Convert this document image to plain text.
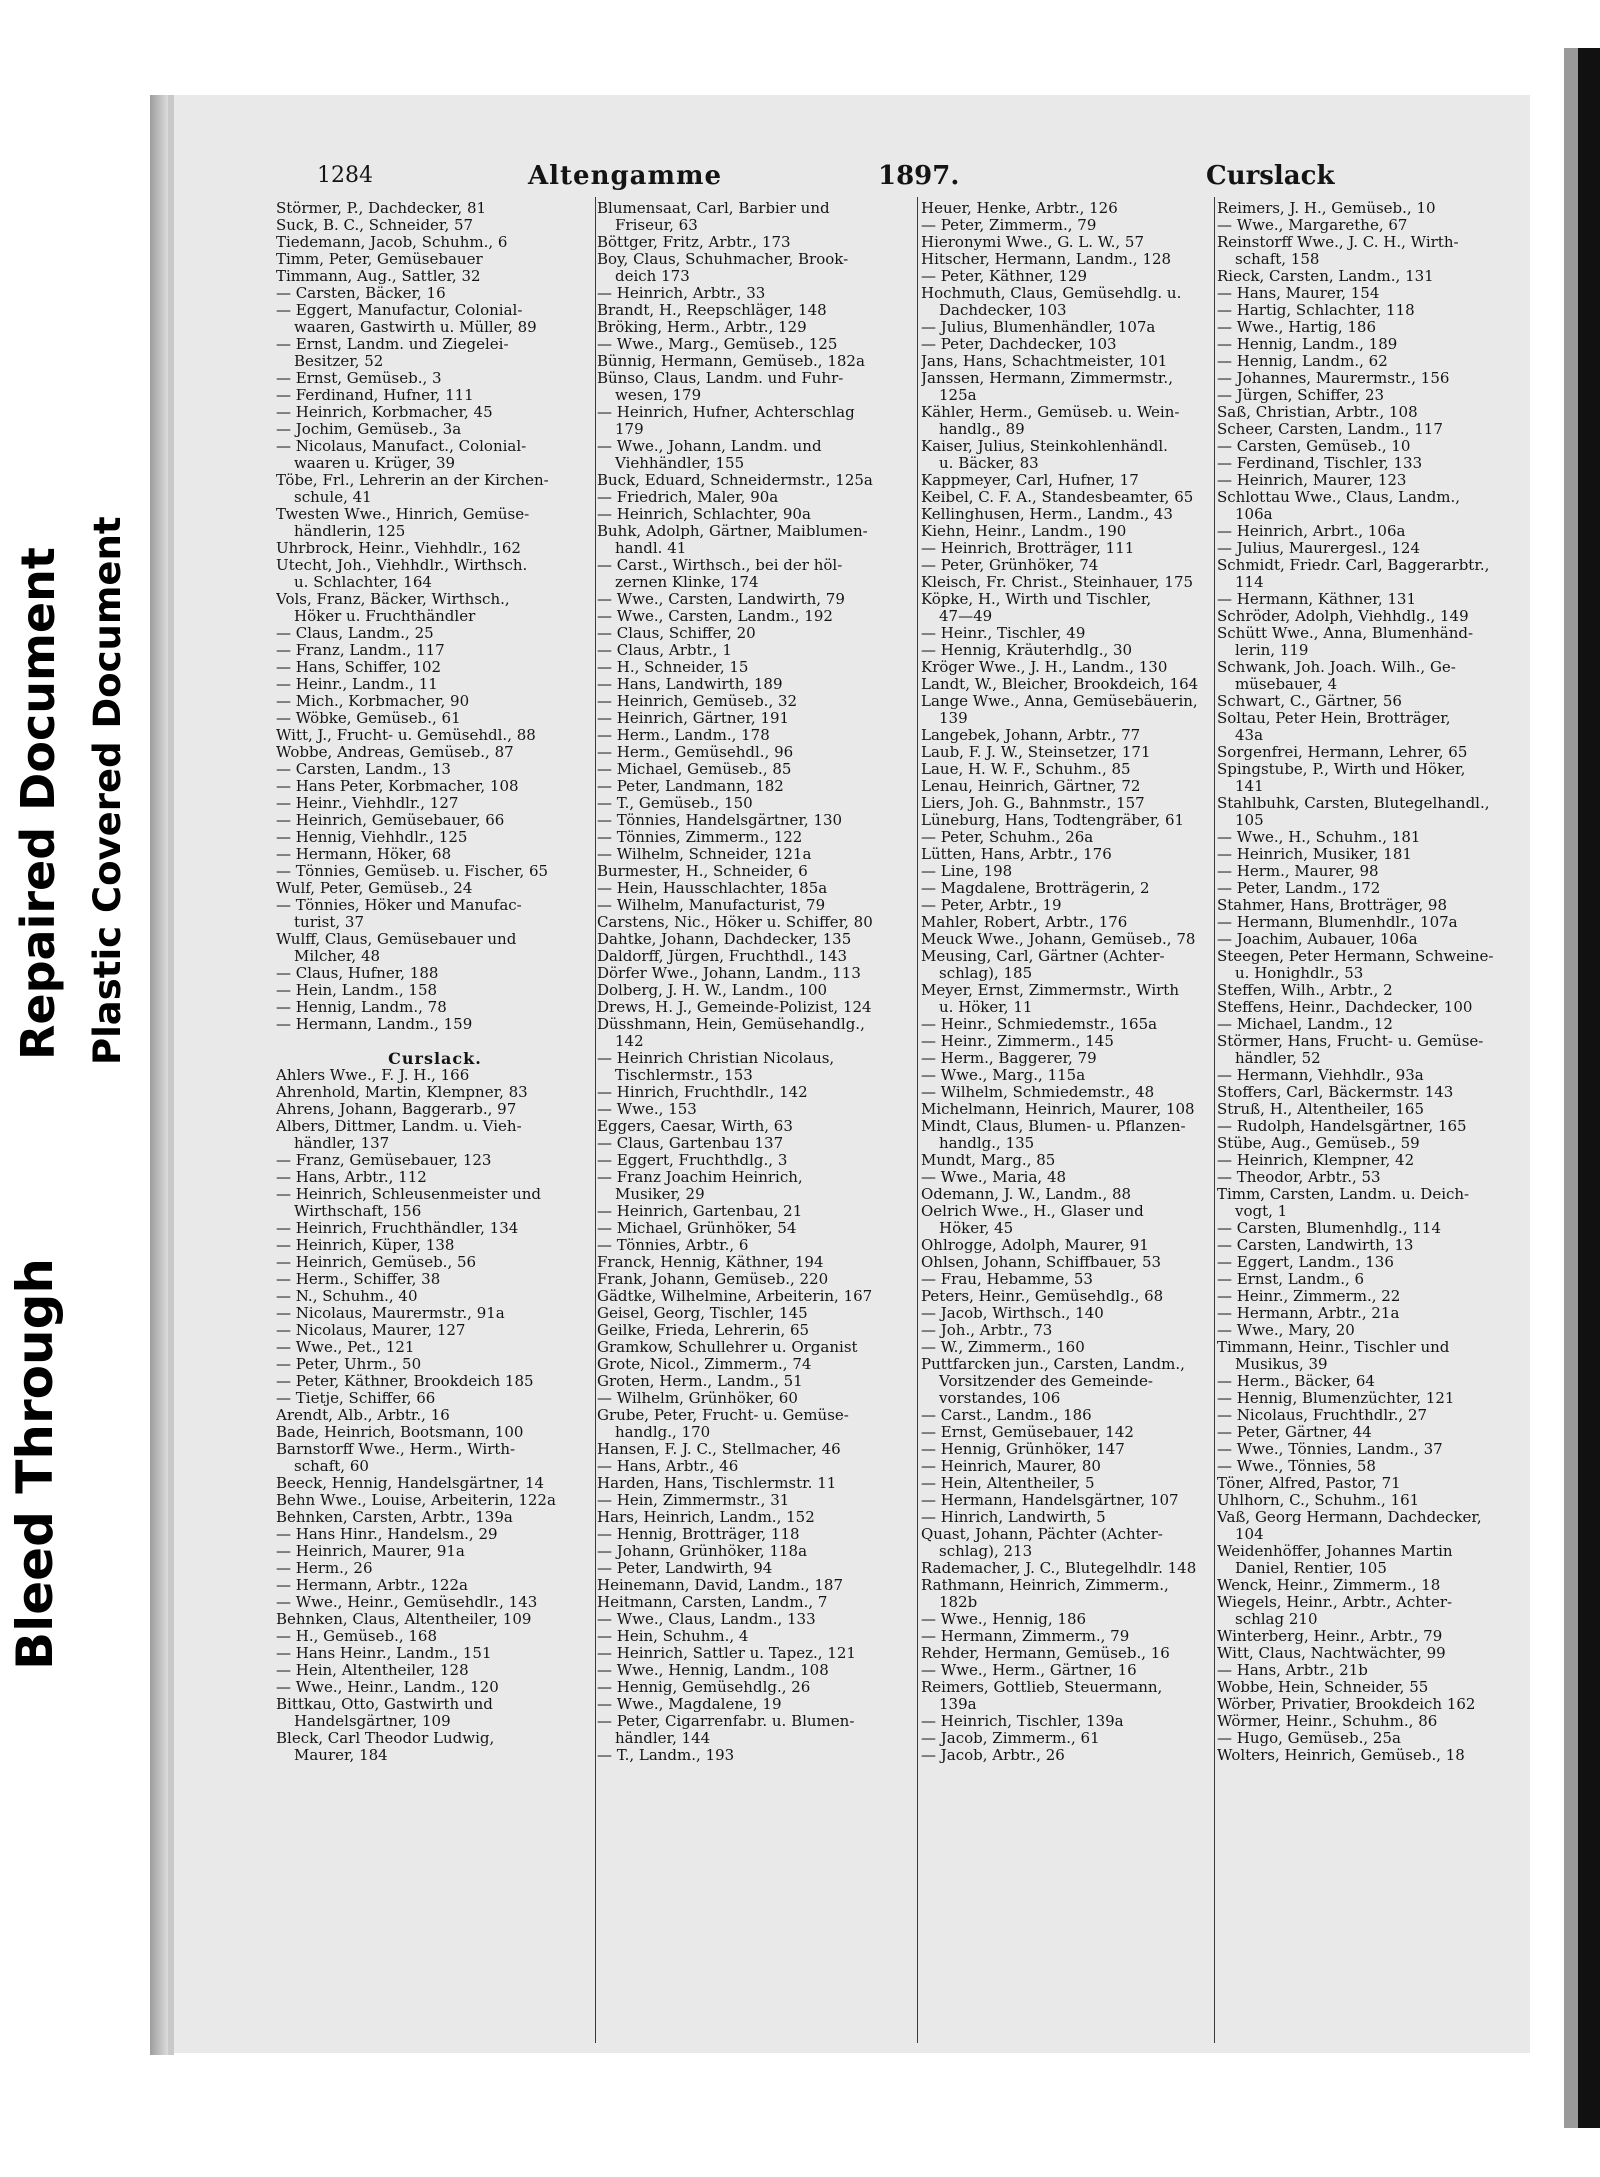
Bleed Through
Repaired Document Plastic Covered Document
1284	Altengamme	1897.	Curslack
Störmer, P., Dachdecker, 81
Suck, B. C., Schneider, 57
Tiedemann, Jacob, Schuhm., 6
Timm, Peter, Gemüsebauer
Timmann, Aug., Sattler, 32
— Carsten, Bäcker, 16
— Eggert, Manufactur, Colonial-
waaren, Gastwirth u. Müller, 89
— Ernst, Landm. und Ziegelei-
Besitzer, 52
— Ernst, Gemüseb., 3
— Ferdinand, Hufner, 111
— Heinrich, Korbmacher, 45
— Jochim, Gemüseb., 3a
— Nicolaus, Manufact., Colonial-
waaren u. Krüger, 39
Töbe, Frl., Lehrerin an der Kirchen-
schule, 41
Twesten Wwe., Hinrich, Gemüse-
händlerin, 125
Uhrbrock, Heinr., Viehhdlr., 162
Utecht, Joh., Viehhdlr., Wirthsch.
u. Schlachter, 164
Vols, Franz, Bäcker, Wirthsch.,
Höker u. Fruchthändler
— Claus, Landm., 25
— Franz, Landm., 117
— Hans, Schiffer, 102
— Heinr., Landm., 11
— Mich., Korbmacher, 90
— Wöbke, Gemüseb., 61
Witt, J., Frucht- u. Gemüsehdl., 88
Wobbe, Andreas, Gemüseb., 87
— Carsten, Landm., 13
— Hans Peter, Korbmacher, 108
— Heinr., Viehhdlr., 127
— Heinrich, Gemüsebauer, 66
— Hennig, Viehhdlr., 125
— Hermann, Höker, 68
— Tönnies, Gemüseb. u. Fischer, 65
Wulf, Peter, Gemüseb., 24
— Tönnies, Höker und Manufac-
turist, 37
Wulff, Claus, Gemüsebauer und
Milcher, 48
— Claus, Hufner, 188
— Hein, Landm., 158
— Hennig, Landm., 78
— Hermann, Landm., 159

Curslack.
Ahlers Wwe., F. J. H., 166
Ahrenhold, Martin, Klempner, 83
Ahrens, Johann, Baggerarb., 97
Albers, Dittmer, Landm. u. Vieh-
händler, 137
— Franz, Gemüsebauer, 123
— Hans, Arbtr., 112
— Heinrich, Schleusenmeister und
Wirthschaft, 156
— Heinrich, Fruchthändler, 134
— Heinrich, Küper, 138
— Heinrich, Gemüseb., 56
— Herm., Schiffer, 38
— N., Schuhm., 40
— Nicolaus, Maurermstr., 91a
— Nicolaus, Maurer, 127
— Wwe., Pet., 121
— Peter, Uhrm., 50
— Peter, Käthner, Brookdeich 185
— Tietje, Schiffer, 66
Arendt, Alb., Arbtr., 16
Bade, Heinrich, Bootsmann, 100
Barnstorff Wwe., Herm., Wirth-
schaft, 60
Beeck, Hennig, Handelsgärtner, 14
Behn Wwe., Louise, Arbeiterin, 122a
Behnken, Carsten, Arbtr., 139a
— Hans Hinr., Handelsm., 29
— Heinrich, Maurer, 91a
— Herm., 26
— Hermann, Arbtr., 122a
— Wwe., Heinr., Gemüsehdlr., 143
Behnken, Claus, Altentheiler, 109
— H., Gemüseb., 168
— Hans Heinr., Landm., 151
— Hein, Altentheiler, 128
— Wwe., Heinr., Landm., 120
Bittkau, Otto, Gastwirth und
Handelsgärtner, 109
Bleck, Carl Theodor Ludwig,
Maurer, 184
Blumensaat, Carl, Barbier und
Friseur, 63
Böttger, Fritz, Arbtr., 173
Boy, Claus, Schuhmacher, Brook-
deich 173
— Heinrich, Arbtr., 33
Brandt, H., Reepschläger, 148
Bröking, Herm., Arbtr., 129
— Wwe., Marg., Gemüseb., 125
Bünnig, Hermann, Gemüseb., 182a
Bünso, Claus, Landm. und Fuhr-
wesen, 179
— Heinrich, Hufner, Achterschlag
179
— Wwe., Johann, Landm. und
Viehhändler, 155
Buck, Eduard, Schneidermstr., 125a
— Friedrich, Maler, 90a
— Heinrich, Schlachter, 90a
Buhk, Adolph, Gärtner, Maiblumen-
handl. 41
— Carst., Wirthsch., bei der höl-
zernen Klinke, 174
— Wwe., Carsten, Landwirth, 79
— Wwe., Carsten, Landm., 192
— Claus, Schiffer, 20
— Claus, Arbtr., 1
— H., Schneider, 15
— Hans, Landwirth, 189
— Heinrich, Gemüseb., 32
— Heinrich, Gärtner, 191
— Herm., Landm., 178
— Herm., Gemüsehdl., 96
— Michael, Gemüseb., 85
— Peter, Landmann, 182
— T., Gemüseb., 150
— Tönnies, Handelsgärtner, 130
— Tönnies, Zimmerm., 122
— Wilhelm, Schneider, 121a
Burmester, H., Schneider, 6
— Hein, Hausschlachter, 185a
— Wilhelm, Manufacturist, 79
Carstens, Nic., Höker u. Schiffer, 80
Dahtke, Johann, Dachdecker, 135
Daldorff, Jürgen, Fruchthdl., 143
Dörfer Wwe., Johann, Landm., 113
Dolberg, J. H. W., Landm., 100
Drews, H. J., Gemeinde-Polizist, 124
Düsshmann, Hein, Gemüsehandlg.,
142
— Heinrich Christian Nicolaus,
Tischlermstr., 153
— Hinrich, Fruchthdlr., 142
— Wwe., 153
Eggers, Caesar, Wirth, 63
— Claus, Gartenbau 137
— Eggert, Fruchthdlg., 3
— Franz Joachim Heinrich,
Musiker, 29
— Heinrich, Gartenbau, 21
— Michael, Grünhöker, 54
— Tönnies, Arbtr., 6
Franck, Hennig, Käthner, 194
Frank, Johann, Gemüseb., 220
Gädtke, Wilhelmine, Arbeiterin, 167
Geisel, Georg, Tischler, 145
Geilke, Frieda, Lehrerin, 65
Gramkow, Schullehrer u. Organist
Grote, Nicol., Zimmerm., 74
Groten, Herm., Landm., 51
— Wilhelm, Grünhöker, 60
Grube, Peter, Frucht- u. Gemüse-
handlg., 170
Hansen, F. J. C., Stellmacher, 46
— Hans, Arbtr., 46
Harden, Hans, Tischlermstr. 11
— Hein, Zimmermstr., 31
Hars, Heinrich, Landm., 152
— Hennig, Brotträger, 118
— Johann, Grünhöker, 118a
— Peter, Landwirth, 94
Heinemann, David, Landm., 187
Heitmann, Carsten, Landm., 7
— Wwe., Claus, Landm., 133
— Hein, Schuhm., 4
— Heinrich, Sattler u. Tapez., 121
— Wwe., Hennig, Landm., 108
— Hennig, Gemüsehdlg., 26
— Wwe., Magdalene, 19
— Peter, Cigarrenfabr. u. Blumen-
händler, 144
— T., Landm., 193
Heuer, Henke, Arbtr., 126
— Peter, Zimmerm., 79
Hieronymi Wwe., G. L. W., 57
Hitscher, Hermann, Landm., 128
— Peter, Käthner, 129
Hochmuth, Claus, Gemüsehdlg. u.
Dachdecker, 103
— Julius, Blumenhändler, 107a
— Peter, Dachdecker, 103
Jans, Hans, Schachtmeister, 101
Janssen, Hermann, Zimmermstr.,
125a
Kähler, Herm., Gemüseb. u. Wein-
handlg., 89
Kaiser, Julius, Steinkohlenhändl.
u. Bäcker, 83
Kappmeyer, Carl, Hufner, 17
Keibel, C. F. A., Standesbeamter, 65
Kellinghusen, Herm., Landm., 43
Kiehn, Heinr., Landm., 190
— Heinrich, Brotträger, 111
— Peter, Grünhöker, 74
Kleisch, Fr. Christ., Steinhauer, 175
Köpke, H., Wirth und Tischler,
47—49
— Heinr., Tischler, 49
— Hennig, Kräuterhdlg., 30
Kröger Wwe., J. H., Landm., 130
Landt, W., Bleicher, Brookdeich, 164
Lange Wwe., Anna, Gemüsebäuerin,
139
Langebek, Johann, Arbtr., 77
Laub, F. J. W., Steinsetzer, 171
Laue, H. W. F., Schuhm., 85
Lenau, Heinrich, Gärtner, 72
Liers, Joh. G., Bahnmstr., 157
Lüneburg, Hans, Todtengräber, 61
— Peter, Schuhm., 26a
Lütten, Hans, Arbtr., 176
— Line, 198
— Magdalene, Brotträgerin, 2
— Peter, Arbtr., 19
Mahler, Robert, Arbtr., 176
Meuck Wwe., Johann, Gemüseb., 78
Meusing, Carl, Gärtner (Achter-
schlag), 185
Meyer, Ernst, Zimmermstr., Wirth
u. Höker, 11
— Heinr., Schmiedemstr., 165a
— Heinr., Zimmerm., 145
— Herm., Baggerer, 79
— Wwe., Marg., 115a
— Wilhelm, Schmiedemstr., 48
Michelmann, Heinrich, Maurer, 108
Mindt, Claus, Blumen- u. Pflanzen-
handlg., 135
Mundt, Marg., 85
— Wwe., Maria, 48
Odemann, J. W., Landm., 88
Oelrich Wwe., H., Glaser und
Höker, 45
Ohlrogge, Adolph, Maurer, 91
Ohlsen, Johann, Schiffbauer, 53
— Frau, Hebamme, 53
Peters, Heinr., Gemüsehdlg., 68
— Jacob, Wirthsch., 140
— Joh., Arbtr., 73
— W., Zimmerm., 160
Puttfarcken jun., Carsten, Landm.,
Vorsitzender des Gemeinde-
vorstandes, 106
— Carst., Landm., 186
— Ernst, Gemüsebauer, 142
— Hennig, Grünhöker, 147
— Heinrich, Maurer, 80
— Hein, Altentheiler, 5
— Hermann, Handelsgärtner, 107
— Hinrich, Landwirth, 5
Quast, Johann, Pächter (Achter-
schlag), 213
Rademacher, J. C., Blutegelhdlr. 148
Rathmann, Heinrich, Zimmerm.,
182b
— Wwe., Hennig, 186
— Hermann, Zimmerm., 79
Rehder, Hermann, Gemüseb., 16
— Wwe., Herm., Gärtner, 16
Reimers, Gottlieb, Steuermann,
139a
— Heinrich, Tischler, 139a
— Jacob, Zimmerm., 61
— Jacob, Arbtr., 26
Reimers, J. H., Gemüseb., 10
— Wwe., Margarethe, 67
Reinstorff Wwe., J. C. H., Wirth-
schaft, 158
Rieck, Carsten, Landm., 131
— Hans, Maurer, 154
— Hartig, Schlachter, 118
— Wwe., Hartig, 186
— Hennig, Landm., 189
— Hennig, Landm., 62
— Johannes, Maurermstr., 156
— Jürgen, Schiffer, 23
Saß, Christian, Arbtr., 108
Scheer, Carsten, Landm., 117
— Carsten, Gemüseb., 10
— Ferdinand, Tischler, 133
— Heinrich, Maurer, 123
Schlottau Wwe., Claus, Landm.,
106a
— Heinrich, Arbrt., 106a
— Julius, Maurergesl., 124
Schmidt, Friedr. Carl, Baggerarbtr.,
114
— Hermann, Käthner, 131
Schröder, Adolph, Viehhdlg., 149
Schütt Wwe., Anna, Blumenhänd-
lerin, 119
Schwank, Joh. Joach. Wilh., Ge-
müsebauer, 4
Schwart, C., Gärtner, 56
Soltau, Peter Hein, Brotträger,
43a
Sorgenfrei, Hermann, Lehrer, 65
Spingstube, P., Wirth und Höker,
141
Stahlbuhk, Carsten, Blutegelhandl.,
105
— Wwe., H., Schuhm., 181
— Heinrich, Musiker, 181
— Herm., Maurer, 98
— Peter, Landm., 172
Stahmer, Hans, Brotträger, 98
— Hermann, Blumenhdlr., 107a
— Joachim, Aubauer, 106a
Steegen, Peter Hermann, Schweine-
u. Honighdlr., 53
Steffen, Wilh., Arbtr., 2
Steffens, Heinr., Dachdecker, 100
— Michael, Landm., 12
Störmer, Hans, Frucht- u. Gemüse-
händler, 52
— Hermann, Viehhdlr., 93a
Stoffers, Carl, Bäckermstr. 143
Struß, H., Altentheiler, 165
— Rudolph, Handelsgärtner, 165
Stübe, Aug., Gemüseb., 59
— Heinrich, Klempner, 42
— Theodor, Arbtr., 53
Timm, Carsten, Landm. u. Deich-
vogt, 1
— Carsten, Blumenhdlg., 114
— Carsten, Landwirth, 13
— Eggert, Landm., 136
— Ernst, Landm., 6
— Heinr., Zimmerm., 22
— Hermann, Arbtr., 21a
— Wwe., Mary, 20
Timmann, Heinr., Tischler und
Musikus, 39
— Herm., Bäcker, 64
— Hennig, Blumenzüchter, 121
— Nicolaus, Fruchthdlr., 27
— Peter, Gärtner, 44
— Wwe., Tönnies, Landm., 37
— Wwe., Tönnies, 58
Töner, Alfred, Pastor, 71
Uhlhorn, C., Schuhm., 161
Vaß, Georg Hermann, Dachdecker,
104
Weidenhöffer, Johannes Martin
Daniel, Rentier, 105
Wenck, Heinr., Zimmerm., 18
Wiegels, Heinr., Arbtr., Achter-
schlag 210
Winterberg, Heinr., Arbtr., 79
Witt, Claus, Nachtwächter, 99
— Hans, Arbtr., 21b
Wobbe, Hein, Schneider, 55
Wörber, Privatier, Brookdeich 162
Wörmer, Heinr., Schuhm., 86
— Hugo, Gemüseb., 25a
Wolters, Heinrich, Gemüseb., 18
